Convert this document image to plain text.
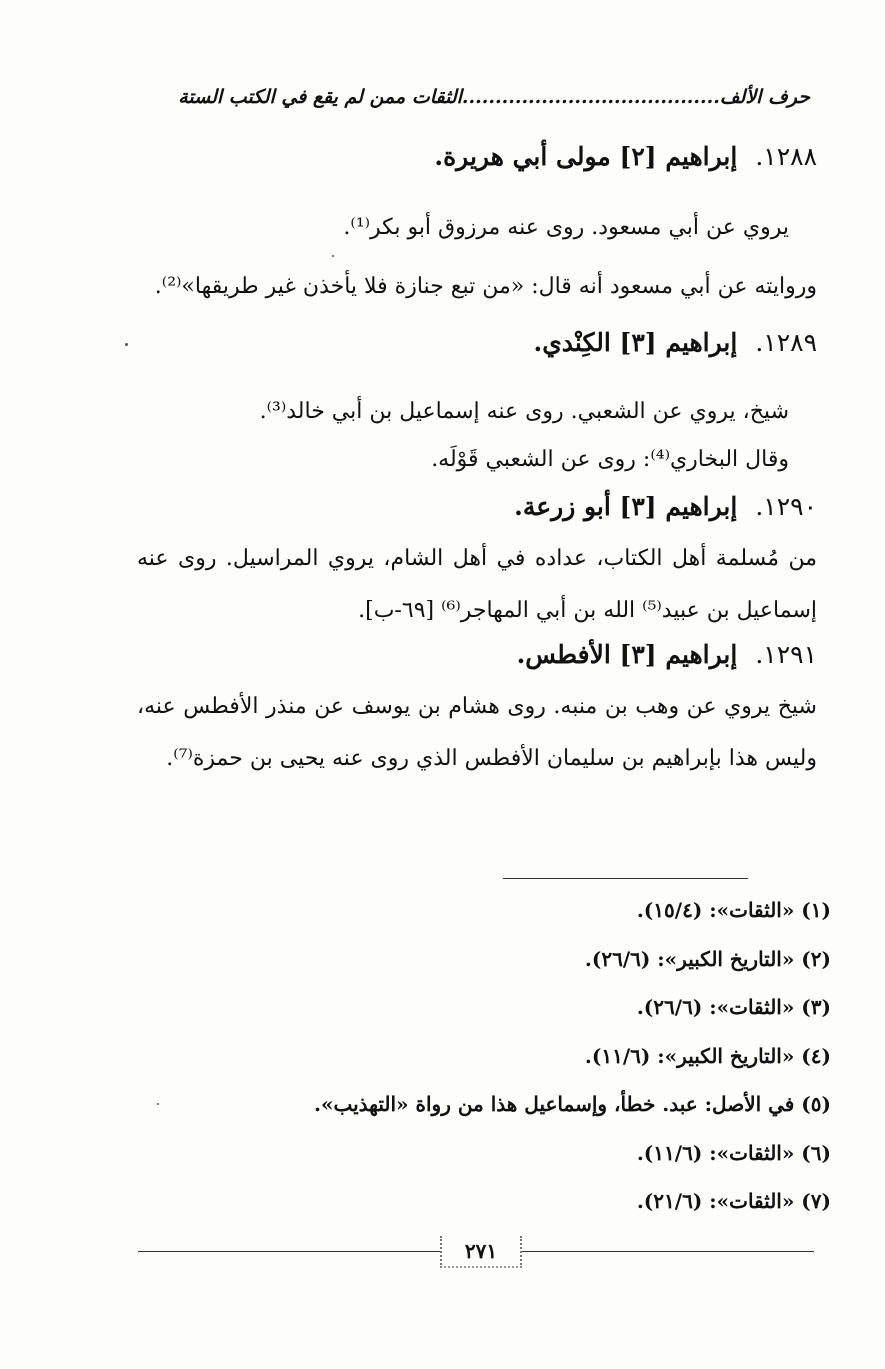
حرف الألف.......................................الثقات ممن لم يقع في الكتب الستة
١٢٨٨.إبراهيم [٢] مولى أبي هريرة.
يروي عن أبي مسعود. روى عنه مرزوق أبو بكر⁽¹⁾.
وروايته عن أبي مسعود أنه قال: «من تبع جنازة فلا يأخذن غير طريقها»⁽²⁾.
١٢٨٩.إبراهيم [٣] الكِنْدي.
شيخ، يروي عن الشعبي. روى عنه إسماعيل بن أبي خالد⁽³⁾.
وقال البخاري⁽⁴⁾: روى عن الشعبي قَوْلَه.
١٢٩٠.إبراهيم [٣] أبو زرعة.
من مُسلمة أهل الكتاب، عداده في أهل الشام، يروي المراسيل. روى عنه إسماعيل بن عبيد⁽⁵⁾ الله بن أبي المهاجر⁽⁶⁾ [٦٩-ب].
١٢٩١.إبراهيم [٣] الأفطس.
شيخ يروي عن وهب بن منبه. روى هشام بن يوسف عن منذر الأفطس عنه، وليس هذا بإبراهيم بن سليمان الأفطس الذي روى عنه يحيى بن حمزة⁽⁷⁾.
(١) «الثقات»: (١٥/٤).
(٢) «التاريخ الكبير»: (٢٦/٦).
(٣) «الثقات»: (٢٦/٦).
(٤) «التاريخ الكبير»: (١١/٦).
(٥) في الأصل: عبد. خطأ، وإسماعيل هذا من رواة «التهذيب».
(٦) «الثقات»: (١١/٦).
(٧) «الثقات»: (٢١/٦).
٢٧١
